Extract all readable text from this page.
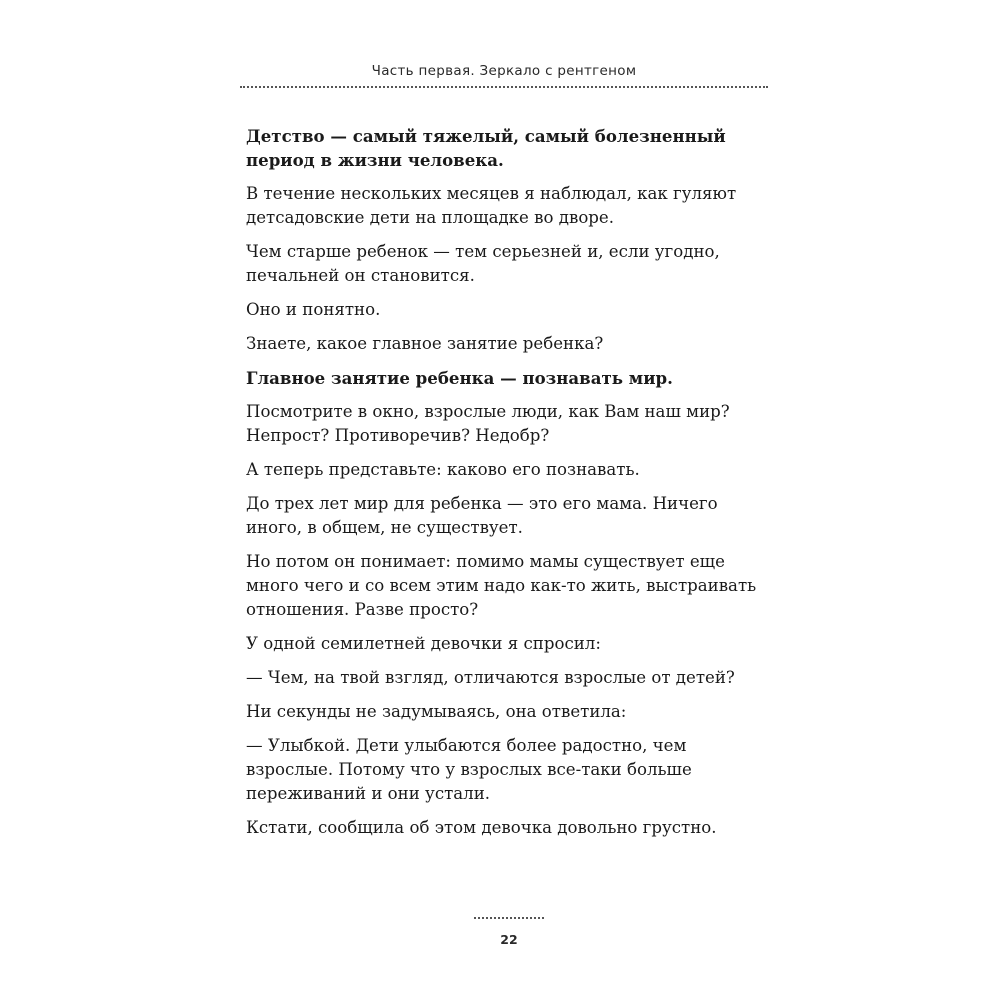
Часть первая. Зеркало с рентгеном

Детство — самый тяжелый, самый болезненный период в жизни человека.

В течение нескольких месяцев я наблюдал, как гуляют детсадовские дети на площадке во дворе.

Чем старше ребенок — тем серьезней и, если угодно, печальней он становится.

Оно и понятно.

Знаете, какое главное занятие ребенка?

Главное занятие ребенка — познавать мир.

Посмотрите в окно, взрослые люди, как Вам наш мир? Непрост? Противоречив? Недобр?

А теперь представьте: каково его познавать.

До трех лет мир для ребенка — это его мама. Ничего иного, в общем, не существует.

Но потом он понимает: помимо мамы существует еще много чего и со всем этим надо как-то жить, выстраивать отношения. Разве просто?

У одной семилетней девочки я спросил:

— Чем, на твой взгляд, отличаются взрослые от детей?

Ни секунды не задумываясь, она ответила:

— Улыбкой. Дети улыбаются более радостно, чем взрослые. Потому что у взрослых все-таки больше переживаний и они устали.

Кстати, сообщила об этом девочка довольно грустно.

22
